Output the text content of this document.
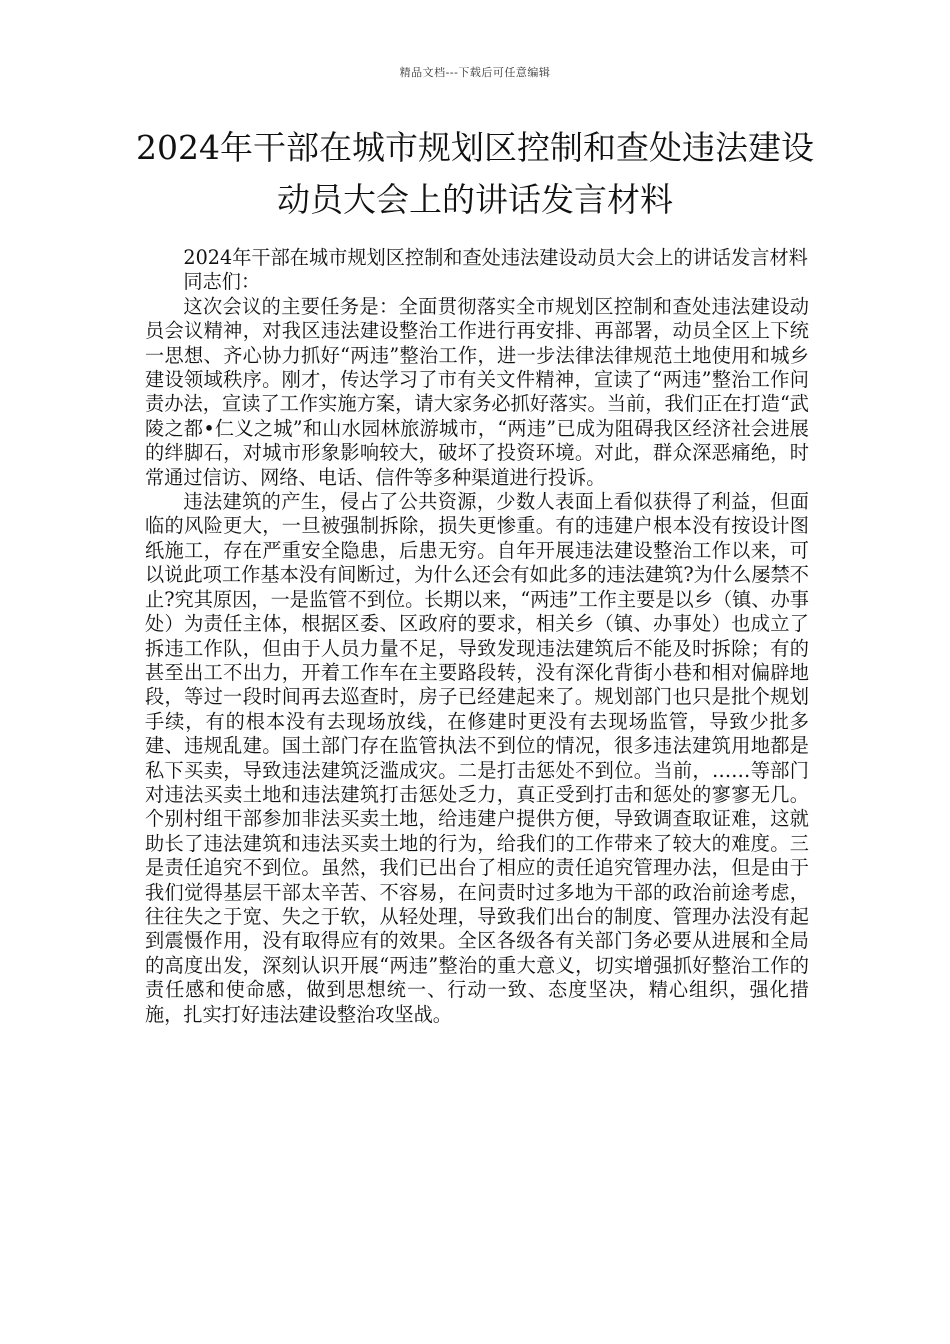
精品文档---下载后可任意编辑
2024年干部在城市规划区控制和查处违法建设动员大会上的讲话发言材料

2024年干部在城市规划区控制和查处违法建设动员大会上的讲话发言材料

同志们：

这次会议的主要任务是：全面贯彻落实全市规划区控制和查处违法建设动员会议精神，对我区违法建设整治工作进行再安排、再部署，动员全区上下统一思想、齐心协力抓好“两违”整治工作，进一步法律法律规范土地使用和城乡建设领域秩序。刚才，传达学习了市有关文件精神，宣读了“两违”整治工作问责办法，宣读了工作实施方案，请大家务必抓好落实。当前，我们正在打造“武陵之都•仁义之城”和山水园林旅游城市，“两违”已成为阻碍我区经济社会进展的绊脚石，对城市形象影响较大，破坏了投资环境。对此，群众深恶痛绝，时常通过信访、网络、电话、信件等多种渠道进行投诉。

违法建筑的产生，侵占了公共资源，少数人表面上看似获得了利益，但面临的风险更大，一旦被强制拆除，损失更惨重。有的违建户根本没有按设计图纸施工，存在严重安全隐患，后患无穷。自年开展违法建设整治工作以来，可以说此项工作基本没有间断过，为什么还会有如此多的违法建筑?为什么屡禁不止?究其原因，一是监管不到位。长期以来，“两违”工作主要是以乡（镇、办事处）为责任主体，根据区委、区政府的要求，相关乡（镇、办事处）也成立了拆违工作队，但由于人员力量不足，导致发现违法建筑后不能及时拆除；有的甚至出工不出力，开着工作车在主要路段转，没有深化背街小巷和相对偏辟地段，等过一段时间再去巡查时，房子已经建起来了。规划部门也只是批个规划手续，有的根本没有去现场放线，在修建时更没有去现场监管，导致少批多建、违规乱建。国土部门存在监管执法不到位的情况，很多违法建筑用地都是私下买卖，导致违法建筑泛滥成灾。二是打击惩处不到位。当前，……等部门对违法买卖土地和违法建筑打击惩处乏力，真正受到打击和惩处的寥寥无几。个别村组干部参加非法买卖土地，给违建户提供方便，导致调查取证难，这就助长了违法建筑和违法买卖土地的行为，给我们的工作带来了较大的难度。三是责任追究不到位。虽然，我们已出台了相应的责任追究管理办法，但是由于我们觉得基层干部太辛苦、不容易，在问责时过多地为干部的政治前途考虑，往往失之于宽、失之于软，从轻处理，导致我们出台的制度、管理办法没有起到震慑作用，没有取得应有的效果。全区各级各有关部门务必要从进展和全局的高度出发，深刻认识开展“两违”整治的重大意义，切实增强抓好整治工作的责任感和使命感，做到思想统一、行动一致、态度坚决，精心组织，强化措施，扎实打好违法建设整治攻坚战。
